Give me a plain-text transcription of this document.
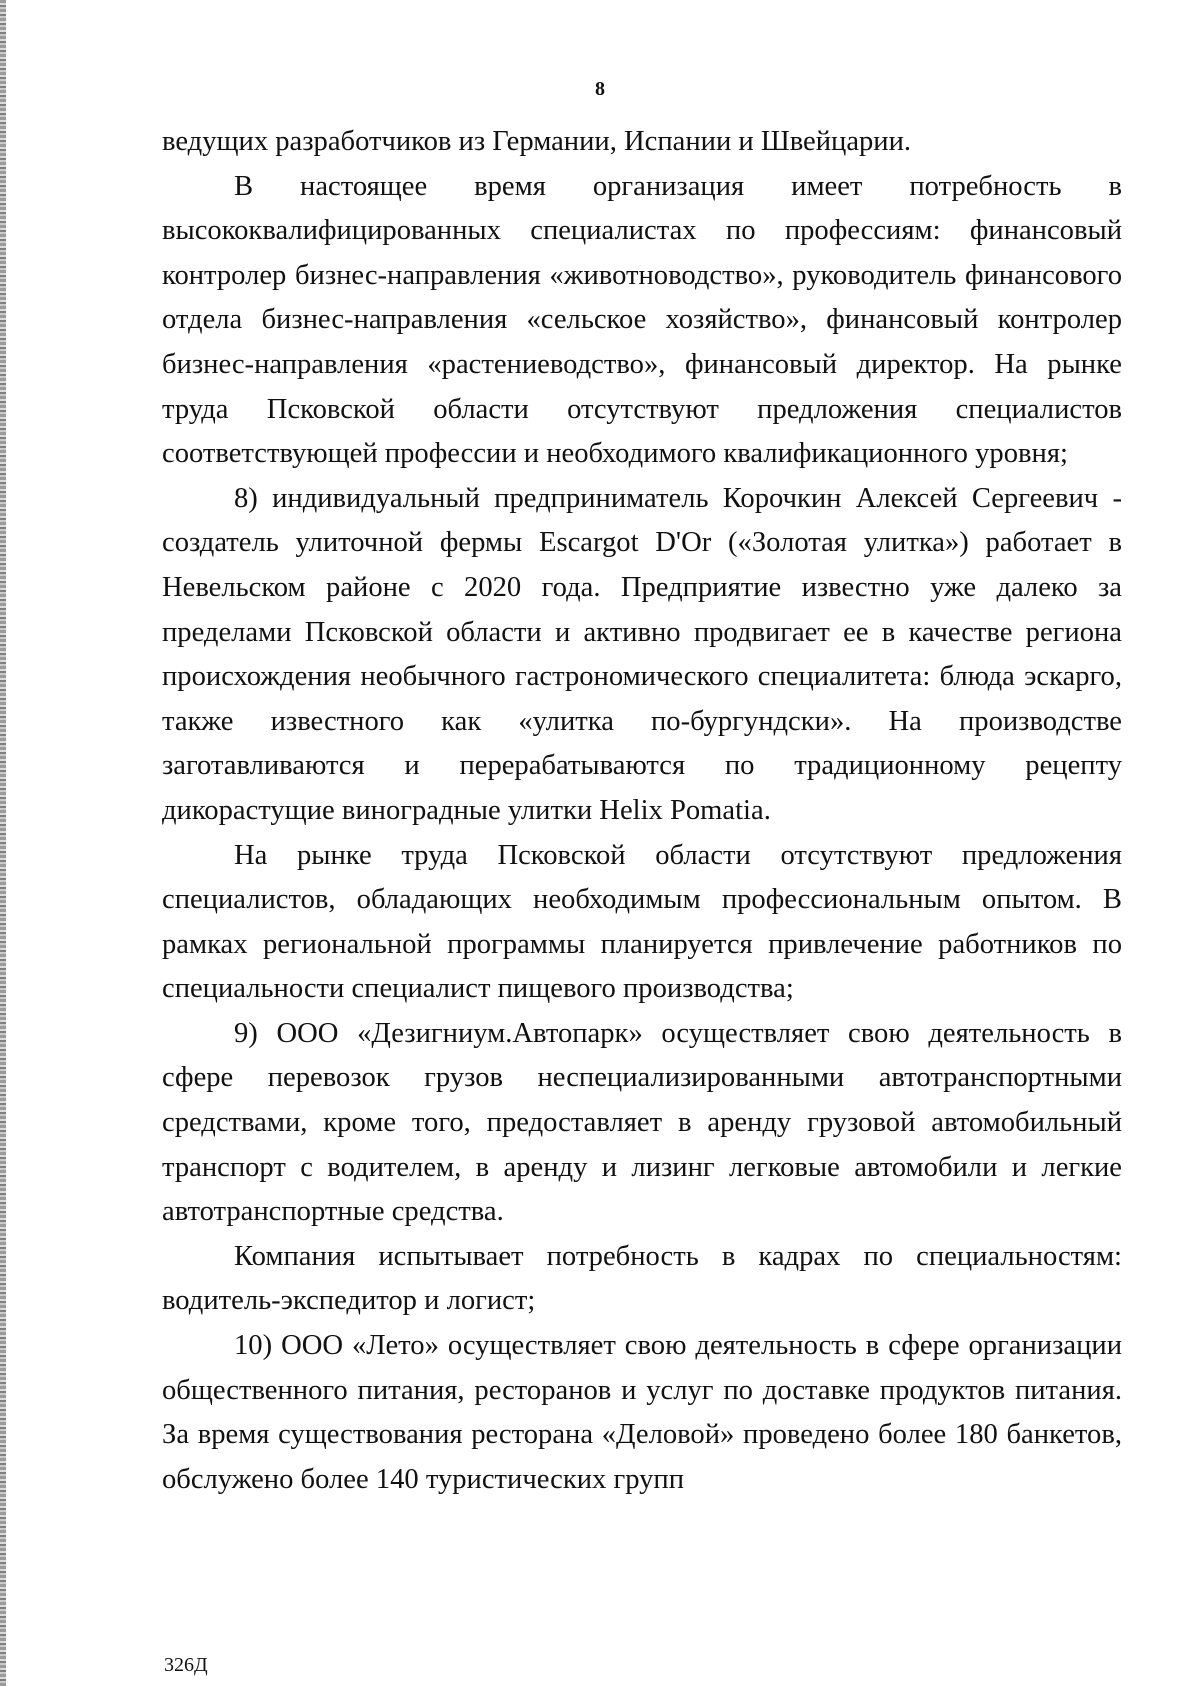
8

ведущих разработчиков из Германии, Испании и Швейцарии.

В настоящее время организация имеет потребность в высококвалифицированных специалистах по профессиям: финансовый контролер бизнес-направления «животноводство», руководитель финансового отдела бизнес-направления «сельское хозяйство», финансовый контролер бизнес-направления «растениеводство», финансовый директор. На рынке труда Псковской области отсутствуют предложения специалистов соответствующей профессии и необходимого квалификационного уровня;

8) индивидуальный предприниматель Корочкин Алексей Сергеевич - создатель улиточной фермы Escargot D'Or («Золотая улитка») работает в Невельском районе с 2020 года. Предприятие известно уже далеко за пределами Псковской области и активно продвигает ее в качестве региона происхождения необычного гастрономического специалитета: блюда эскарго, также известного как «улитка по-бургундски». На производстве заготавливаются и перерабатываются по традиционному рецепту дикорастущие виноградные улитки Helix Pomatia.

На рынке труда Псковской области отсутствуют предложения специалистов, обладающих необходимым профессиональным опытом. В рамках региональной программы планируется привлечение работников по специальности специалист пищевого производства;

9) ООО «Дезигниум.Автопарк» осуществляет свою деятельность в сфере перевозок грузов неспециализированными автотранспортными средствами, кроме того, предоставляет в аренду грузовой автомобильный транспорт с водителем, в аренду и лизинг легковые автомобили и легкие автотранспортные средства.

Компания испытывает потребность в кадрах по специальностям: водитель-экспедитор и логист;

10) ООО «Лето» осуществляет свою деятельность в сфере организации общественного питания, ресторанов и услуг по доставке продуктов питания. За время существования ресторана «Деловой» проведено более 180 банкетов, обслужено более 140 туристических групп

326Д
